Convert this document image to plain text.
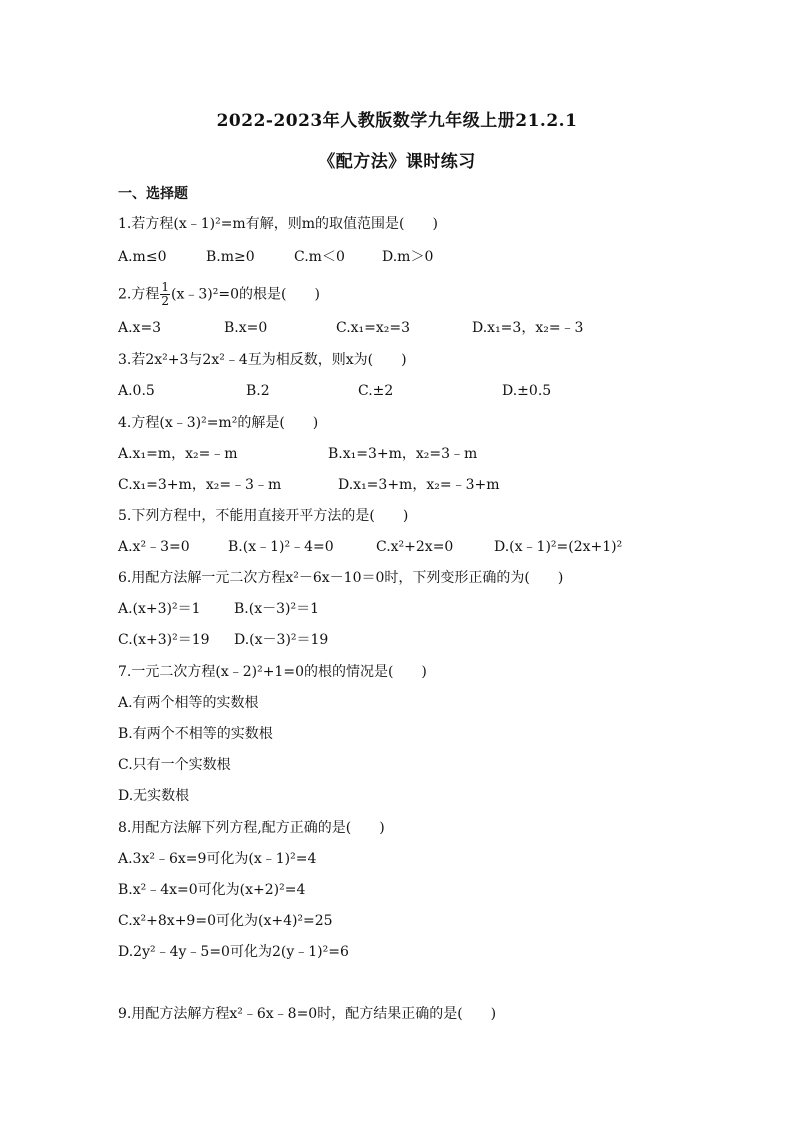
2022-2023年人教版数学九年级上册21.2.1
《配方法》课时练习
一、选择题
1.若方程(x﹣1)²=m有解，则m的取值范围是(　　)
A.m≤0	B.m≥0	C.m＜0	D.m＞0
2.方程 $\frac{1}{2}$ (x﹣3)²=0的根是(　　)
A.x=3	B.x=0	C.x₁=x₂=3	D.x₁=3，x₂=﹣3
3.若2x²+3与2x²﹣4互为相反数，则x为(　　)
A.0.5	B.2	C.±2	D.±0.5
4.方程(x﹣3)²=m²的解是(　　)
A.x₁=m，x₂=﹣m	B.x₁=3+m，x₂=3﹣m
C.x₁=3+m，x₂=﹣3﹣m	D.x₁=3+m，x₂=﹣3+m
5.下列方程中，不能用直接开平方法的是(　　)
A.x²﹣3=0	B.(x﹣1)²﹣4=0	C.x²+2x=0	D.(x﹣1)²=(2x+1)²
6.用配方法解一元二次方程x²－6x－10＝0时，下列变形正确的为(　　)
A.(x+3)²＝1 B.(x－3)²＝1
C.(x+3)²＝19 D.(x－3)²＝19
7.一元二次方程(x﹣2)²+1=0的根的情况是(　　)
A.有两个相等的实数根
B.有两个不相等的实数根
C.只有一个实数根
D.无实数根
8.用配方法解下列方程,配方正确的是(　　)
A.3x²﹣6x=9可化为(x﹣1)²=4
B.x²﹣4x=0可化为(x+2)²=4
C.x²+8x+9=0可化为(x+4)²=25
D.2y²﹣4y﹣5=0可化为2(y﹣1)²=6
9.用配方法解方程x²﹣6x﹣8=0时，配方结果正确的是(　　)
